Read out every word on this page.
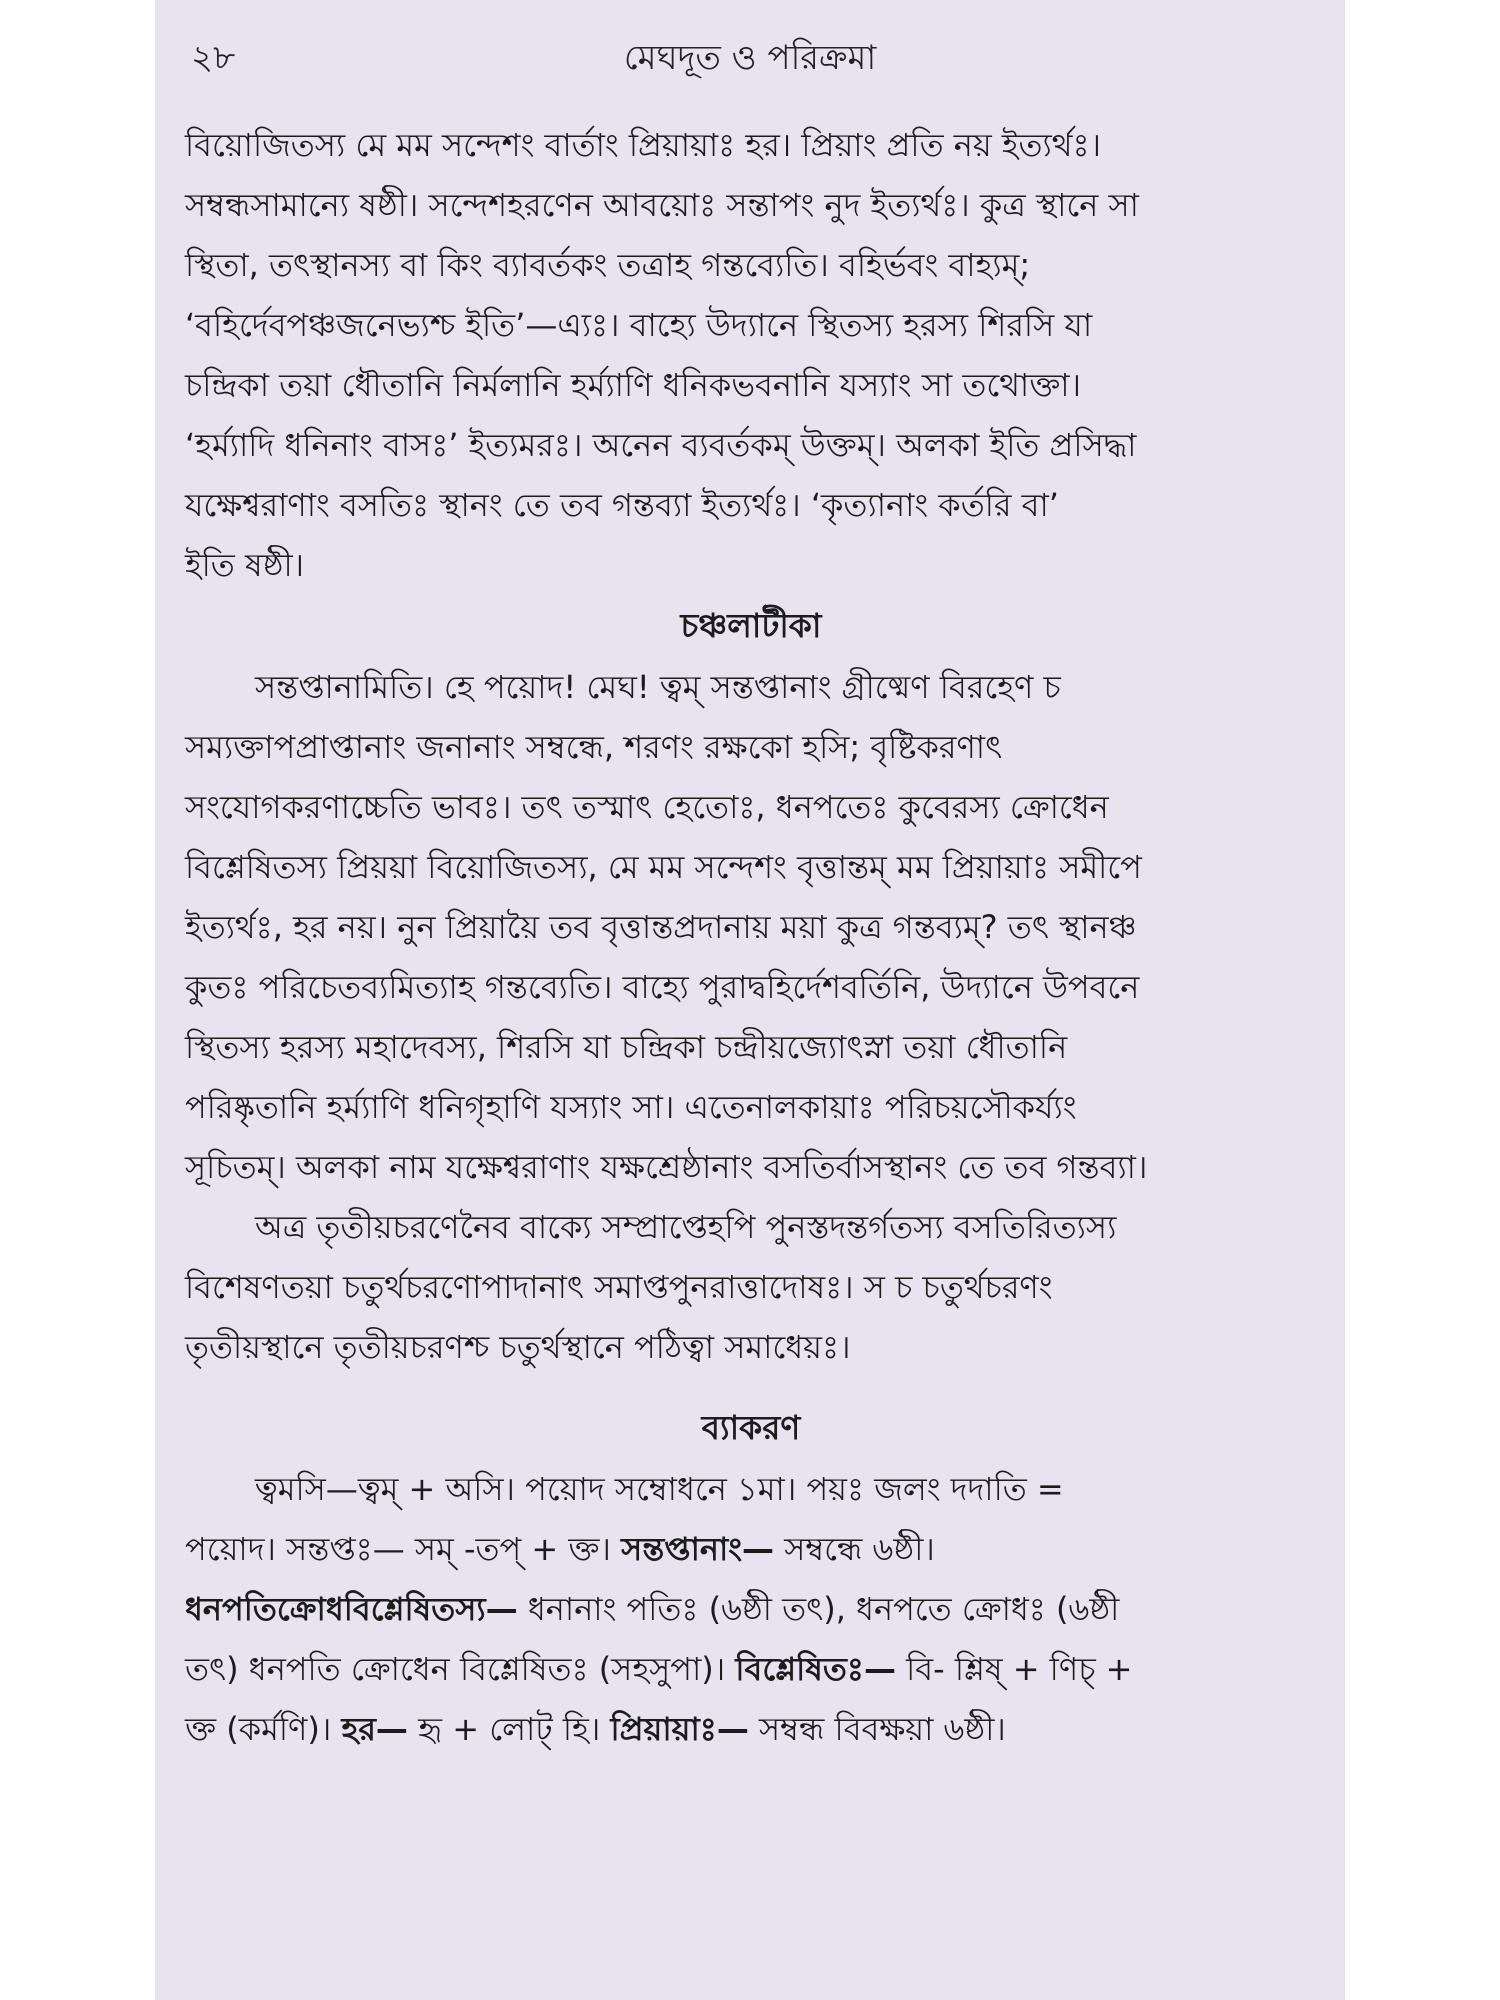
২৮	মেঘদূত ও পরিক্রমা

বিয়োজিতস্য মে মম সন্দেশং বার্তাং প্রিয়ায়াঃ হর। প্রিয়াং প্রতি নয় ইত্যর্থঃ।

সম্বন্ধসামান্যে ষষ্ঠী। সন্দেশহরণেন আবয়োঃ সন্তাপং নুদ ইত্যর্থঃ। কুত্র স্থানে সা

স্থিতা, তৎস্থানস্য বা কিং ব্যাবর্তকং তত্রাহ গন্তব্যেতি। বহির্ভবং বাহ্যম্;

‘বহির্দেবপঞ্চজনেভ্যশ্চ ইতি’—এ্যঃ। বাহ্যে উদ্যানে স্থিতস্য হরস্য শিরসি যা

চন্দ্রিকা তয়া ধৌতানি নির্মলানি হর্ম্যাণি ধনিকভবনানি যস্যাং সা তথোক্তা।

‘হর্ম্যাদি ধনিনাং বাসঃ’ ইত্যমরঃ। অনেন ব্যবর্তকম্ উক্তম্। অলকা ইতি প্রসিদ্ধা

যক্ষেশ্বরাণাং বসতিঃ স্থানং তে তব গন্তব্যা ইত্যর্থঃ। ‘কৃত্যানাং কর্তরি বা’

ইতি ষষ্ঠী।

চঞ্চলাটীকা

সন্তপ্তানামিতি। হে পয়োদ! মেঘ! ত্বম্ সন্তপ্তানাং গ্রীষ্মেণ বিরহেণ চ

সম্যক্তাপপ্রাপ্তানাং জনানাং সম্বন্ধে, শরণং রক্ষকো হসি; বৃষ্টিকরণাৎ

সংযোগকরণাচ্চেতি ভাবঃ। তৎ তস্মাৎ হেতোঃ, ধনপতেঃ কুবেরস্য ক্রোধেন

বিশ্লেষিতস্য প্রিয়য়া বিয়োজিতস্য, মে মম সন্দেশং বৃত্তান্তম্ মম প্রিয়ায়াঃ সমীপে

ইত্যর্থঃ, হর নয়। নুন প্রিয়ায়ৈ তব বৃত্তান্তপ্রদানায় ময়া কুত্র গন্তব্যম্? তৎ স্থানঞ্চ

কুতঃ পরিচেতব্যমিত্যাহ গন্তব্যেতি। বাহ্যে পুরাদ্বহির্দেশবর্তিনি, উদ্যানে উপবনে

স্থিতস্য হরস্য মহাদেবস্য, শিরসি যা চন্দ্রিকা চন্দ্রীয়জ্যোৎস্না তয়া ধৌতানি

পরিষ্কৃতানি হর্ম্যাণি ধনিগৃহাণি যস্যাং সা। এতেনালকায়াঃ পরিচয়সৌকর্য্যং

সূচিতম্। অলকা নাম যক্ষেশ্বরাণাং যক্ষশ্রেষ্ঠানাং বসতির্বাসস্থানং তে তব গন্তব্যা।

অত্র তৃতীয়চরণেনৈব বাক্যে সম্প্রাপ্তেহপি পুনস্তদন্তর্গতস্য বসতিরিত্যস্য

বিশেষণতয়া চতুর্থচরণোপাদানাৎ সমাপ্তপুনরাত্তাদোষঃ। স চ চতুর্থচরণং

তৃতীয়স্থানে তৃতীয়চরণশ্চ চতুর্থস্থানে পঠিত্বা সমাধেয়ঃ।

ব্যাকরণ

ত্বমসি—ত্বম্ + অসি। পয়োদ সম্বোধনে ১মা। পয়ঃ জলং দদাতি =

পয়োদ। সন্তপ্তঃ— সম্ -তপ্ + ক্ত। সন্তপ্তানাং— সম্বন্ধে ৬ষ্ঠী।

ধনপতিক্রোধবিশ্লেষিতস্য— ধনানাং পতিঃ (৬ষ্ঠী তৎ), ধনপতে ক্রোধঃ (৬ষ্ঠী

তৎ) ধনপতি ক্রোধেন বিশ্লেষিতঃ (সহসুপা)। বিশ্লেষিতঃ— বি- শ্লিষ্ + ণিচ্ +

ক্ত (কর্মণি)। হর— হৃ + লোট্ হি। প্রিয়ায়াঃ— সম্বন্ধ বিবক্ষয়া ৬ষ্ঠী।
